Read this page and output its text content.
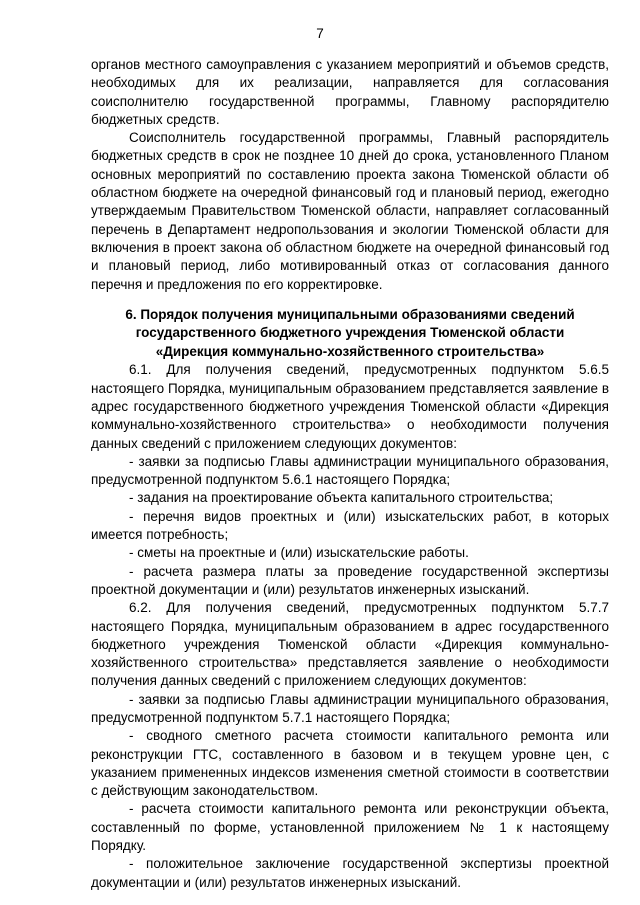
7

органов местного самоуправления с указанием мероприятий и объемов средств, необходимых для их реализации, направляется для согласования соисполнителю государственной программы, Главному распорядителю бюджетных средств.

Соисполнитель государственной программы, Главный распорядитель бюджетных средств в срок не позднее 10 дней до срока, установленного Планом основных мероприятий по составлению проекта закона Тюменской области об областном бюджете на очередной финансовый год и плановый период, ежегодно утверждаемым Правительством Тюменской области, направляет согласованный перечень в Департамент недропользования и экологии Тюменской области для включения в проект закона об областном бюджете на очередной финансовый год и плановый период, либо мотивированный отказ от согласования данного перечня и предложения по его корректировке.

6. Порядок получения муниципальными образованиями сведений
государственного бюджетного учреждения Тюменской области
«Дирекция коммунально-хозяйственного строительства»

6.1. Для получения сведений, предусмотренных подпунктом 5.6.5 настоящего Порядка, муниципальным образованием представляется заявление в адрес государственного бюджетного учреждения Тюменской области «Дирекция коммунально-хозяйственного строительства» о необходимости получения данных сведений с приложением следующих документов:

- заявки за подписью Главы администрации муниципального образования, предусмотренной подпунктом 5.6.1 настоящего Порядка;

- задания на проектирование объекта капитального строительства;

- перечня видов проектных и (или) изыскательских работ, в которых имеется потребность;

- сметы на проектные и (или) изыскательские работы.

- расчета размера платы за проведение государственной экспертизы проектной документации и (или) результатов инженерных изысканий.

6.2. Для получения сведений, предусмотренных подпунктом 5.7.7 настоящего Порядка, муниципальным образованием в адрес государственного бюджетного учреждения Тюменской области «Дирекция коммунально-хозяйственного строительства» представляется заявление о необходимости получения данных сведений с приложением следующих документов:

- заявки за подписью Главы администрации муниципального образования, предусмотренной подпунктом 5.7.1 настоящего Порядка;

- сводного сметного расчета стоимости капитального ремонта или реконструкции ГТС, составленного в базовом и в текущем уровне цен, с указанием примененных индексов изменения сметной стоимости в соответствии с действующим законодательством.

- расчета стоимости капитального ремонта или реконструкции объекта, составленный по форме, установленной приложением № 1 к настоящему Порядку.

- положительное заключение государственной экспертизы проектной документации и (или) результатов инженерных изысканий.
